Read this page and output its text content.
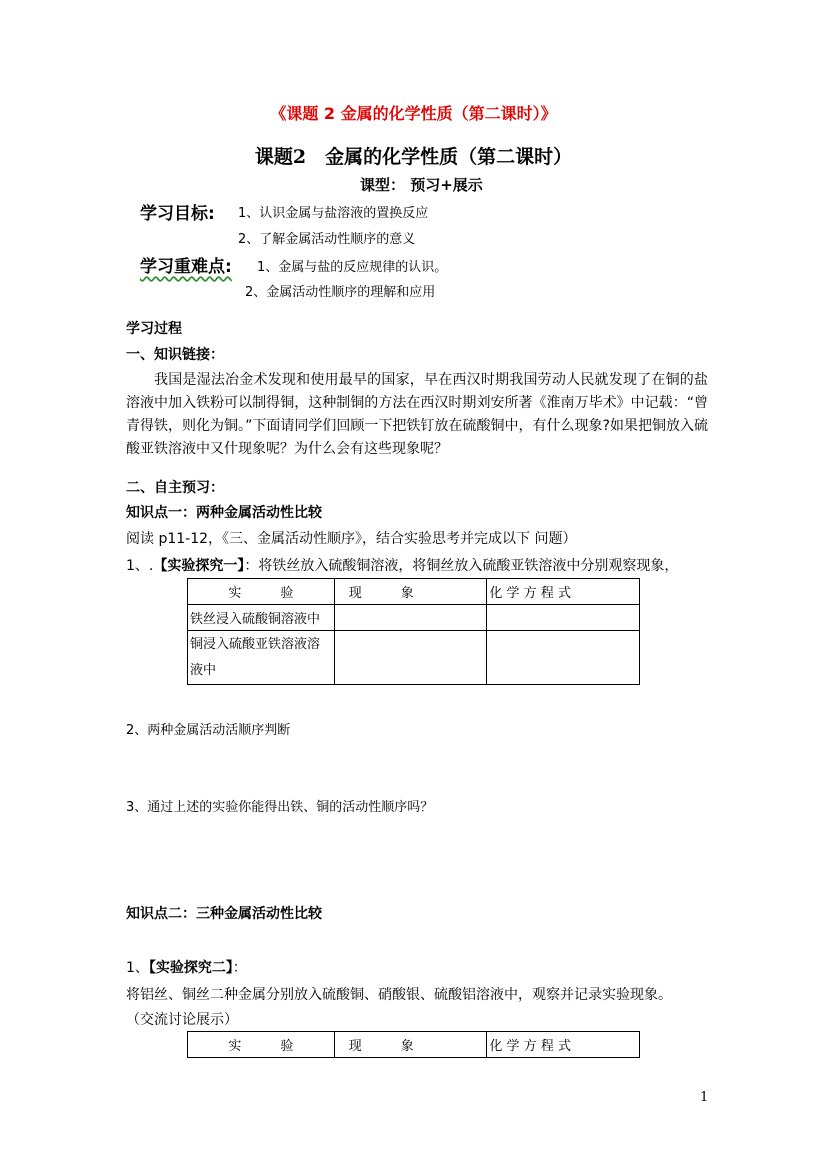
《课题 2 金属的化学性质（第二课时）》
课题2　金属的化学性质（第二课时）
课型： 预习+展示
学习目标: 1、认识金属与盐溶液的置换反应
2、了解金属活动性顺序的意义
学习重难点: 1、金属与盐的反应规律的认识。
2、金属活动性顺序的理解和应用
学习过程
一、知识链接：
我国是湿法冶金术发现和使用最早的国家，早在西汉时期我国劳动人民就发现了在铜的盐溶液中加入铁粉可以制得铜，这种制铜的方法在西汉时期刘安所著《淮南万毕术》中记载：“曾青得铁，则化为铜。”下面请同学们回顾一下把铁钉放在硫酸铜中，有什么现象?如果把铜放入硫酸亚铁溶液中又什现象呢？为什么会有这些现象呢？
二、自主预习：
知识点一：两种金属活动性比较
阅读 p11-12，《三、金属活动性顺序》，结合实验思考并完成以下 问题）
1、.【实验探究一】：将铁丝放入硫酸铜溶液，将铜丝放入硫酸亚铁溶液中分别观察现象，
实　　　验	现　　　象	化 学 方 程 式
铁丝浸入硫酸铜溶液中		
铜浸入硫酸亚铁溶液溶液中		
2、两种金属活动活顺序判断
3、通过上述的实验你能得出铁、铜的活动性顺序吗？
知识点二：三种金属活动性比较
1、【实验探究二】：
将铝丝、铜丝二种金属分别放入硫酸铜、硝酸银、硫酸铝溶液中，观察并记录实验现象。
（交流讨论展示）
实　　　验	现　　　象	化 学 方 程 式
1
